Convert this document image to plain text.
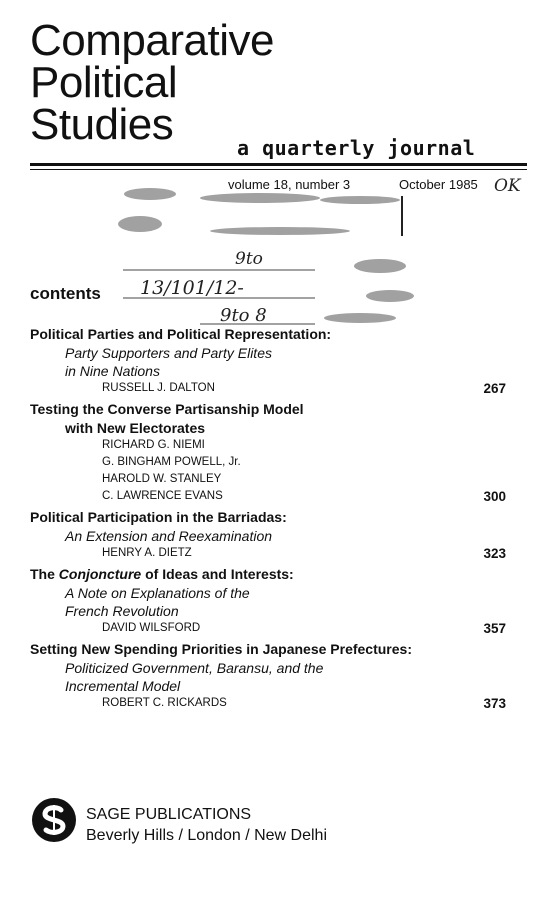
Comparative
Political
Studies	a quarterly journal
volume 18, number 3	October 1985 OK
9to
13/101/12-
9to 8
contents
Political Parties and Political Representation:
Party Supporters and Party Elites
in Nine Nations
RUSSELL J. DALTON	267
Testing the Converse Partisanship Model
with New Electorates
RICHARD G. NIEMI
G. BINGHAM POWELL, Jr.
HAROLD W. STANLEY
C. LAWRENCE EVANS	300
Political Participation in the Barriadas:
An Extension and Reexamination
HENRY A. DIETZ	323
The Conjoncture of Ideas and Interests:
A Note on Explanations of the
French Revolution
DAVID WILSFORD	357
Setting New Spending Priorities in Japanese Prefectures:
Politicized Government, Baransu, and the
Incremental Model
ROBERT C. RICKARDS	373
SAGE PUBLICATIONS
Beverly Hills / London / New Delhi
